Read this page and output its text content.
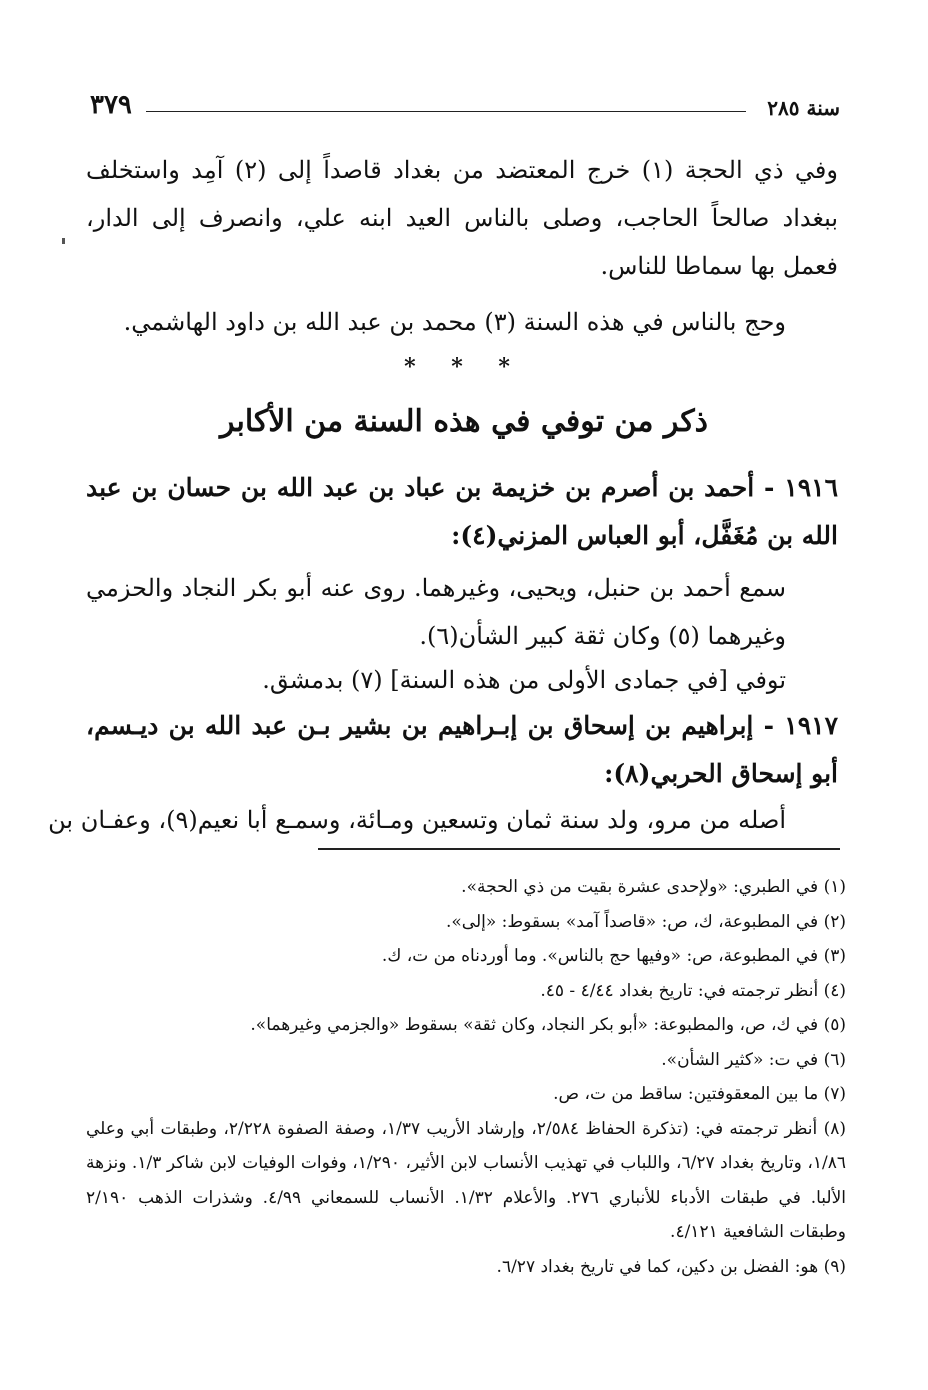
سنة ٢٨٥
٣٧٩
وفي ذي الحجة (١) خرج المعتضد من بغداد قاصداً إلى (٢) آمِد واستخلف ببغداد صالحاً الحاجب، وصلى بالناس العيد ابنه علي، وانصرف إلى الدار، فعمل بها سماطا للناس.
وحج بالناس في هذه السنة (٣) محمد بن عبد الله بن داود الهاشمي.
* * *
ذكر من توفي في هذه السنة من الأكابر
١٩١٦ - أحمد بن أصرم بن خزيمة بن عباد بن عبد الله بن حسان بن عبد الله بن مُغَفَّل، أبو العباس المزني(٤):
سمع أحمد بن حنبل، ويحيى، وغيرهما. روى عنه أبو بكر النجاد والحزمي وغيرهما (٥) وكان ثقة كبير الشأن(٦).
توفي [في جمادى الأولى من هذه السنة] (٧) بدمشق.
١٩١٧ - إبراهيم بن إسحاق بن إبـراهيم بن بشير بـن عبد الله بن ديـسم، أبو إسحاق الحربي(٨):
أصله من مرو، ولد سنة ثمان وتسعين ومـائة، وسمـع أبا نعيم(٩)، وعفـان بن

(١) في الطبري: «ولإحدى عشرة بقيت من ذي الحجة».

(٢) في المطبوعة، ك، ص: «قاصداً آمد» بسقوط: «إلى».

(٣) في المطبوعة، ص: «وفيها حج بالناس». وما أوردناه من ت، ك.

(٤) أنظر ترجمته في: تاريخ بغداد ٤/٤٤ - ٤٥.

(٥) في ك، ص، والمطبوعة: «أبو بكر النجاد، وكان ثقة» بسقوط «والجزمي وغيرهما».

(٦) في ت: «كثير الشأن».

(٧) ما بين المعقوفتين: ساقط من ت، ص.

(٨) أنظر ترجمته في: (تذكرة الحفاظ ٢/٥٨٤، وإرشاد الأريب ١/٣٧، وصفة الصفوة ٢/٢٢٨، وطبقات أبي وعلي ١/٨٦، وتاريخ بغداد ٦/٢٧، واللباب في تهذيب الأنساب لابن الأثير، ١/٢٩٠، وفوات الوفيات لابن شاكر ١/٣. ونزهة الألبا. في طبقات الأدباء للأنباري ٢٧٦. والأعلام ١/٣٢. الأنساب للسمعاني ٤/٩٩. وشذرات الذهب ٢/١٩٠ وطبقات الشافعية ٤/١٢١.

(٩) هو: الفضل بن دكين، كما في تاريخ بغداد ٦/٢٧.
